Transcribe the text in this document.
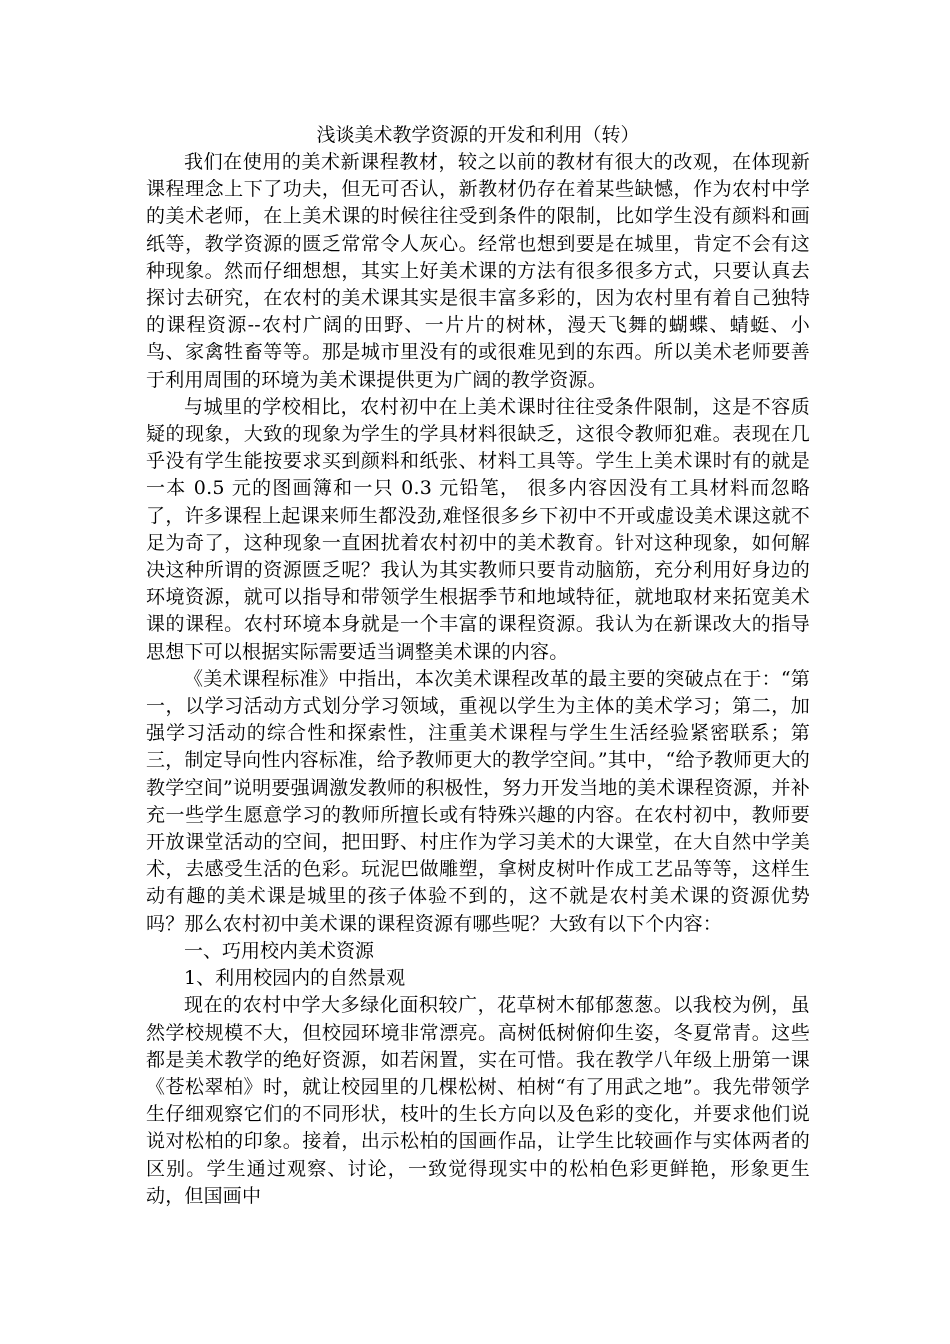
浅谈美术教学资源的开发和利用（转）

我们在使用的美术新课程教材，较之以前的教材有很大的改观，在体现新课程理念上下了功夫，但无可否认，新教材仍存在着某些缺憾，作为农村中学的美术老师，在上美术课的时候往往受到条件的限制，比如学生没有颜料和画纸等，教学资源的匮乏常常令人灰心。经常也想到要是在城里，肯定不会有这种现象。然而仔细想想，其实上好美术课的方法有很多很多方式，只要认真去探讨去研究，在农村的美术课其实是很丰富多彩的，因为农村里有着自己独特的课程资源--农村广阔的田野、一片片的树林，漫天飞舞的蝴蝶、蜻蜓、小鸟、家禽牲畜等等。那是城市里没有的或很难见到的东西。所以美术老师要善于利用周围的环境为美术课提供更为广阔的教学资源。

与城里的学校相比，农村初中在上美术课时往往受条件限制，这是不容质疑的现象，大致的现象为学生的学具材料很缺乏，这很令教师犯难。表现在几乎没有学生能按要求买到颜料和纸张、材料工具等。学生上美术课时有的就是一本 0.5 元的图画簿和一只 0.3 元铅笔， 很多内容因没有工具材料而忽略了，许多课程上起课来师生都没劲,难怪很多乡下初中不开或虚设美术课这就不足为奇了，这种现象一直困扰着农村初中的美术教育。针对这种现象，如何解决这种所谓的资源匮乏呢？我认为其实教师只要肯动脑筋，充分利用好身边的环境资源，就可以指导和带领学生根据季节和地域特征，就地取材来拓宽美术课的课程。农村环境本身就是一个丰富的课程资源。我认为在新课改大的指导思想下可以根据实际需要适当调整美术课的内容。

《美术课程标准》中指出，本次美术课程改革的最主要的突破点在于：“第一，以学习活动方式划分学习领域，重视以学生为主体的美术学习；第二，加强学习活动的综合性和探索性，注重美术课程与学生生活经验紧密联系；第三，制定导向性内容标准，给予教师更大的教学空间。”其中，“给予教师更大的教学空间”说明要强调激发教师的积极性，努力开发当地的美术课程资源，并补充一些学生愿意学习的教师所擅长或有特殊兴趣的内容。在农村初中，教师要开放课堂活动的空间，把田野、村庄作为学习美术的大课堂，在大自然中学美术，去感受生活的色彩。玩泥巴做雕塑，拿树皮树叶作成工艺品等等，这样生动有趣的美术课是城里的孩子体验不到的，这不就是农村美术课的资源优势吗？那么农村初中美术课的课程资源有哪些呢？大致有以下个内容：

一、巧用校内美术资源

1、利用校园内的自然景观

现在的农村中学大多绿化面积较广，花草树木郁郁葱葱。以我校为例，虽然学校规模不大，但校园环境非常漂亮。高树低树俯仰生姿，冬夏常青。这些都是美术教学的绝好资源，如若闲置，实在可惜。我在教学八年级上册第一课《苍松翠柏》时，就让校园里的几棵松树、柏树“有了用武之地”。我先带领学生仔细观察它们的不同形状，枝叶的生长方向以及色彩的变化，并要求他们说说对松柏的印象。接着，出示松柏的国画作品，让学生比较画作与实体两者的区别。学生通过观察、讨论，一致觉得现实中的松柏色彩更鲜艳，形象更生动，但国画中
